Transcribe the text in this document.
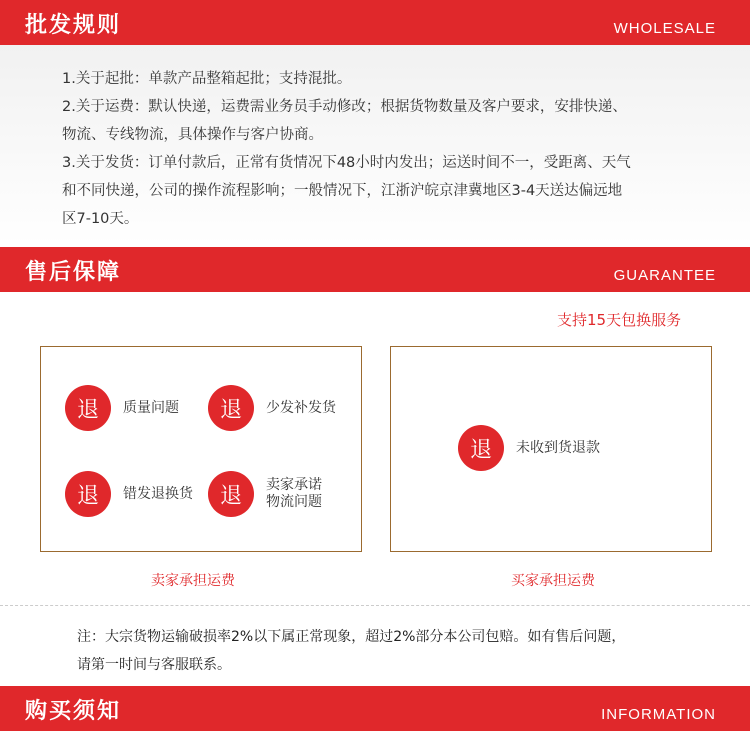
批发规则	WHOLESALE

1.关于起批：单款产品整箱起批；支持混批。

2.关于运费：默认快递，运费需业务员手动修改；根据货物数量及客户要求，安排快递、

物流、专线物流，具体操作与客户协商。

3.关于发货：订单付款后，正常有货情况下48小时内发出；运送时间不一，受距离、天气

和不同快递，公司的操作流程影响；一般情况下，江浙沪皖京津冀地区3-4天送达偏远地

区7-10天。

售后保障	GUARANTEE
支持15天包换服务
退	质量问题	退	少发补发货
退	错发退换货	退	卖家承诺
物流问题
退	未收到货退款
卖家承担运费	买家承担运费

注：大宗货物运输破损率2%以下属正常现象，超过2%部分本公司包赔。如有售后问题，

请第一时间与客服联系。

购买须知	INFORMATION
